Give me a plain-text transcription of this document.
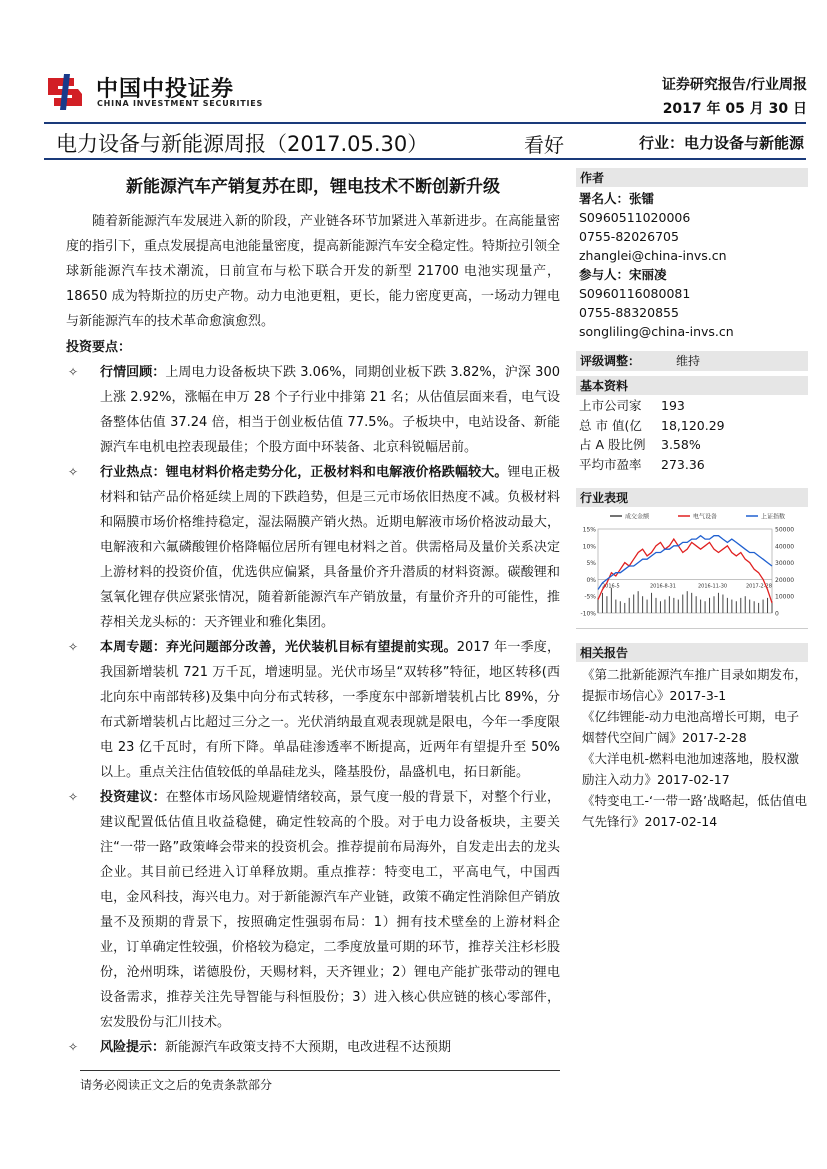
中国中投证券
CHINA INVESTMENT SECURITIES
证券研究报告/行业周报
2017 年 05 月 30 日
电力设备与新能源周报（2017.05.30）	看好	行业：电力设备与新能源
新能源汽车产销复苏在即，锂电技术不断创新升级

随着新能源汽车发展进入新的阶段，产业链各环节加紧进入革新进步。在高能量密度的指引下，重点发展提高电池能量密度，提高新能源汽车安全稳定性。特斯拉引领全球新能源汽车技术潮流，日前宣布与松下联合开发的新型 21700 电池实现量产，18650 成为特斯拉的历史产物。动力电池更粗，更长，能力密度更高，一场动力锂电与新能源汽车的技术革命愈演愈烈。

投资要点：
✧ 行情回顾：上周电力设备板块下跌 3.06%，同期创业板下跌 3.82%，沪深 300 上涨 2.92%，涨幅在申万 28 个子行业中排第 21 名；从估值层面来看，电气设备整体估值 37.24 倍，相当于创业板估值 77.5%。子板块中，电站设备、新能源汽车电机电控表现最佳；个股方面中环装备、北京科锐幅居前。
✧ 行业热点：锂电材料价格走势分化，正极材料和电解液价格跌幅较大。锂电正极材料和钴产品价格延续上周的下跌趋势，但是三元市场依旧热度不减。负极材料和隔膜市场价格维持稳定，湿法隔膜产销火热。近期电解液市场价格波动最大，电解液和六氟磷酸锂价格降幅位居所有锂电材料之首。供需格局及量价关系决定上游材料的投资价值，优选供应偏紧，具备量价齐升潜质的材料资源。碳酸锂和氢氧化锂存供应紧张情况，随着新能源汽车产销放量，有量价齐升的可能性，推荐相关龙头标的：天齐锂业和雅化集团。
✧ 本周专题：弃光问题部分改善，光伏装机目标有望提前实现。2017 年一季度，我国新增装机 721 万千瓦，增速明显。光伏市场呈“双转移”特征，地区转移(西北向东中南部转移)及集中向分布式转移，一季度东中部新增装机占比 89%，分布式新增装机占比超过三分之一。光伏消纳最直观表现就是限电，今年一季度限电 23 亿千瓦时，有所下降。单晶硅渗透率不断提高，近两年有望提升至 50%以上。重点关注估值较低的单晶硅龙头，隆基股份，晶盛机电，拓日新能。
✧ 投资建议：在整体市场风险规避情绪较高，景气度一般的背景下，对整个行业，建议配置低估值且收益稳健，确定性较高的个股。对于电力设备板块，主要关注“一带一路”政策峰会带来的投资机会。推荐提前布局海外，自发走出去的龙头企业。其目前已经进入订单释放期。重点推荐：特变电工，平高电气，中国西电，金风科技，海兴电力。对于新能源汽车产业链，政策不确定性消除但产销放量不及预期的背景下，按照确定性强弱布局：1）拥有技术壁垒的上游材料企业，订单确定性较强，价格较为稳定，二季度放量可期的环节，推荐关注杉杉股份，沧州明珠，诺德股份，天赐材料，天齐锂业；2）锂电产能扩张带动的锂电设备需求，推荐关注先导智能与科恒股份；3）进入核心供应链的核心零部件，宏发股份与汇川技术。
✧ 风险提示：新能源汽车政策支持不大预期，电改进程不达预期
作者
署名人：张镭
S0960511020006
0755-82026705
zhanglei@china-invs.cn
参与人：宋丽凌
S0960116080081
0755-88320855
songliling@china-invs.cn
评级调整：	维持
基本资料
上市公司家 193
总 市 值(亿 18,120.29
占 A 股比例 3.58%
平均市盈率 273.36
行业表现
15%
10%
5%
0%
-5%
-10%
50000
40000
30000
20000
10000
0
2016-5	2016-8-31	2016-11-30	2017-2-28
成交金额	电气设备	上证指数
相关报告
《第二批新能源汽车推广目录如期发布，提振市场信心》2017-3-1
《亿纬锂能-动力电池高增长可期，电子烟替代空间广阔》2017-2-28
《大洋电机-燃料电池加速落地，股权激励注入动力》2017-02-17
《特变电工-‘一带一路’战略起，低估值电气先锋行》2017-02-14
请务必阅读正文之后的免责条款部分
